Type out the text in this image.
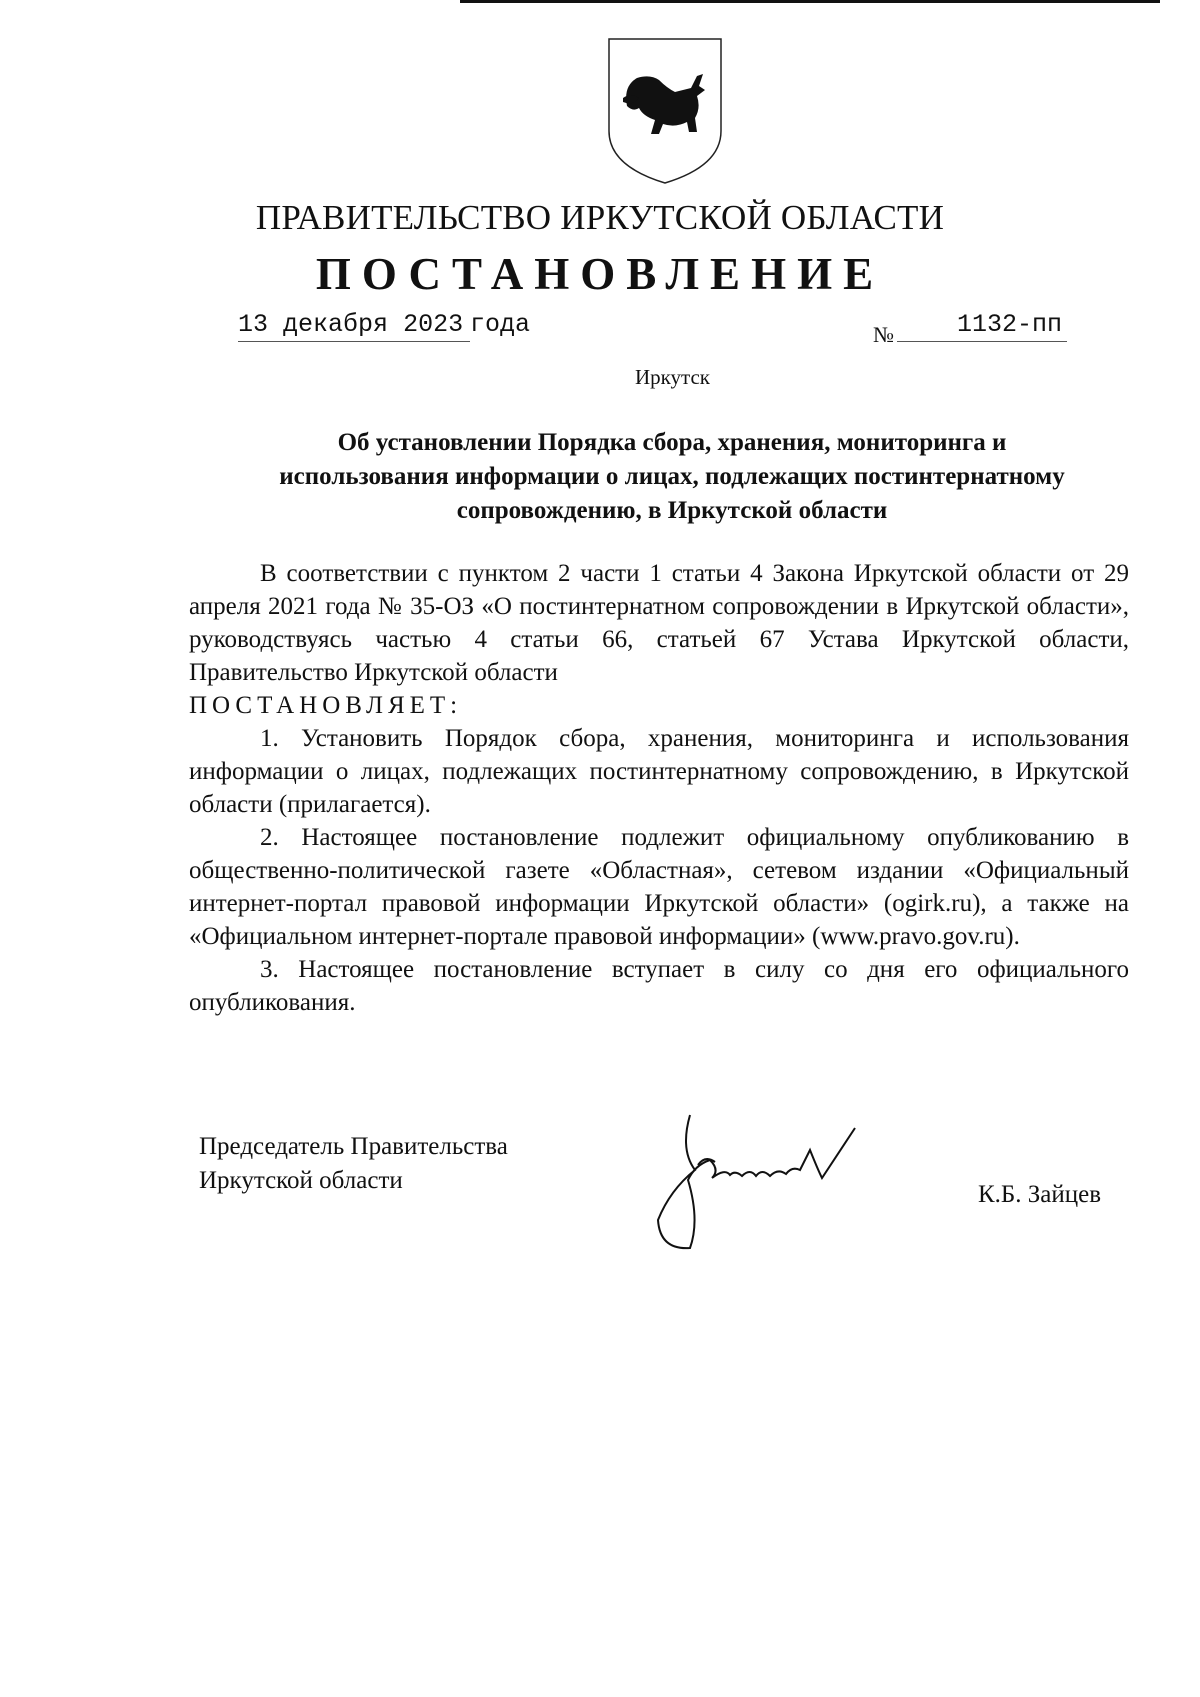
ПРАВИТЕЛЬСТВО ИРКУТСКОЙ ОБЛАСТИ
ПОСТАНОВЛЕНИЕ
13 декабря 2023 года	№	1132-пп
Иркутск
Об установлении Порядка сбора, хранения, мониторинга и
использования информации о лицах, подлежащих постинтернатному
сопровождению, в Иркутской области

В соответствии с пунктом 2 части 1 статьи 4 Закона Иркутской области от 29 апреля 2021 года № 35-ОЗ «О постинтернатном сопровождении в Иркутской области», руководствуясь частью 4 статьи 66, статьей 67 Устава Иркутской области, Правительство Иркутской области

ПОСТАНОВЛЯЕТ:

1. Установить Порядок сбора, хранения, мониторинга и использования информации о лицах, подлежащих постинтернатному сопровождению, в Иркутской области (прилагается).

2. Настоящее постановление подлежит официальному опубликованию в общественно-политической газете «Областная», сетевом издании «Официальный интернет-портал правовой информации Иркутской области» (ogirk.ru), а также на «Официальном интернет-портале правовой информации» (www.pravo.gov.ru).

3. Настоящее постановление вступает в силу со дня его официального опубликования.

Председатель Правительства
Иркутской области
К.Б. Зайцев
